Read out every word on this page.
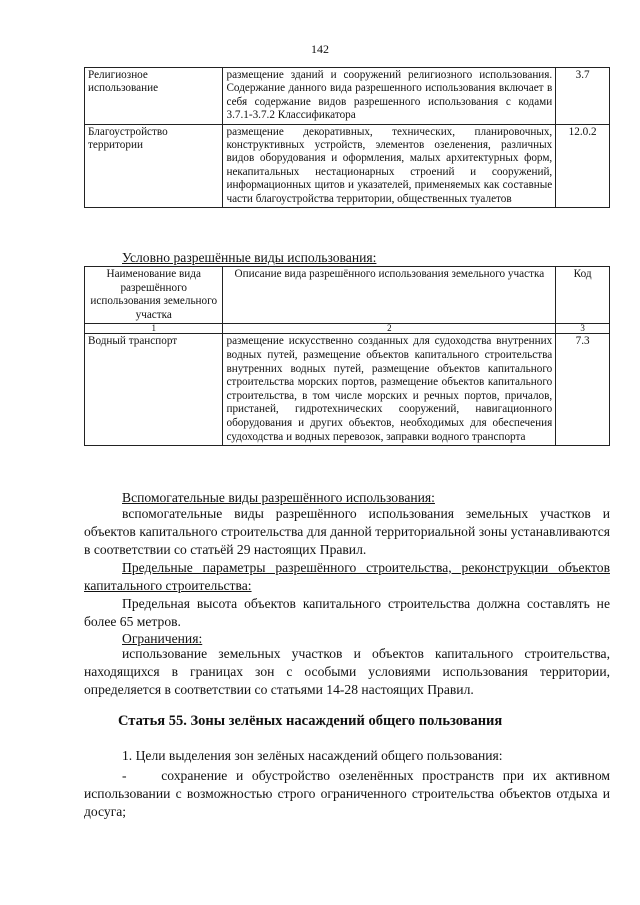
142
Религиозное использование	размещение зданий и сооружений религиозного использования. Содержание данного вида разрешенного использования включает в себя содержание видов разрешенного использования с кодами 3.7.1-3.7.2 Классификатора	3.7
Благоустройство территории	размещение декоративных, технических, планировочных, конструктивных устройств, элементов озеленения, различных видов оборудования и оформления, малых архитектурных форм, некапитальных нестационарных строений и сооружений, информационных щитов и указателей, применяемых как составные части благоустройства территории, общественных туалетов	12.0.2
Условно разрешённые виды использования:
Наименование вида разрешённого использования земельного участка	Описание вида разрешённого использования земельного участка	Код
1	2	3
Водный транспорт	размещение искусственно созданных для судоходства внутренних водных путей, размещение объектов капитального строительства внутренних водных путей, размещение объектов капитального строительства морских портов, размещение объектов капитального строительства, в том числе морских и речных портов, причалов, пристаней, гидротехнических сооружений, навигационного оборудования и других объектов, необходимых для обеспечения судоходства и водных перевозок, заправки водного транспорта	7.3
Вспомогательные виды разрешённого использования:
вспомогательные виды разрешённого использования земельных участков и объектов капитального строительства для данной территориальной зоны устанавливаются в соответствии со статьёй 29 настоящих Правил.
Предельные параметры разрешённого строительства, реконструкции объектов капитального строительства:
Предельная высота объектов капитального строительства должна составлять не более 65 метров.
Ограничения:
использование земельных участков и объектов капитального строительства, находящихся в границах зон с особыми условиями использования территории, определяется в соответствии со статьями 14-28 настоящих Правил.
Статья 55. Зоны зелёных насаждений общего пользования
1. Цели выделения зон зелёных насаждений общего пользования:
-	сохранение и обустройство озеленённых пространств при их активном использовании с возможностью строго ограниченного строительства объектов отдыха и досуга;
